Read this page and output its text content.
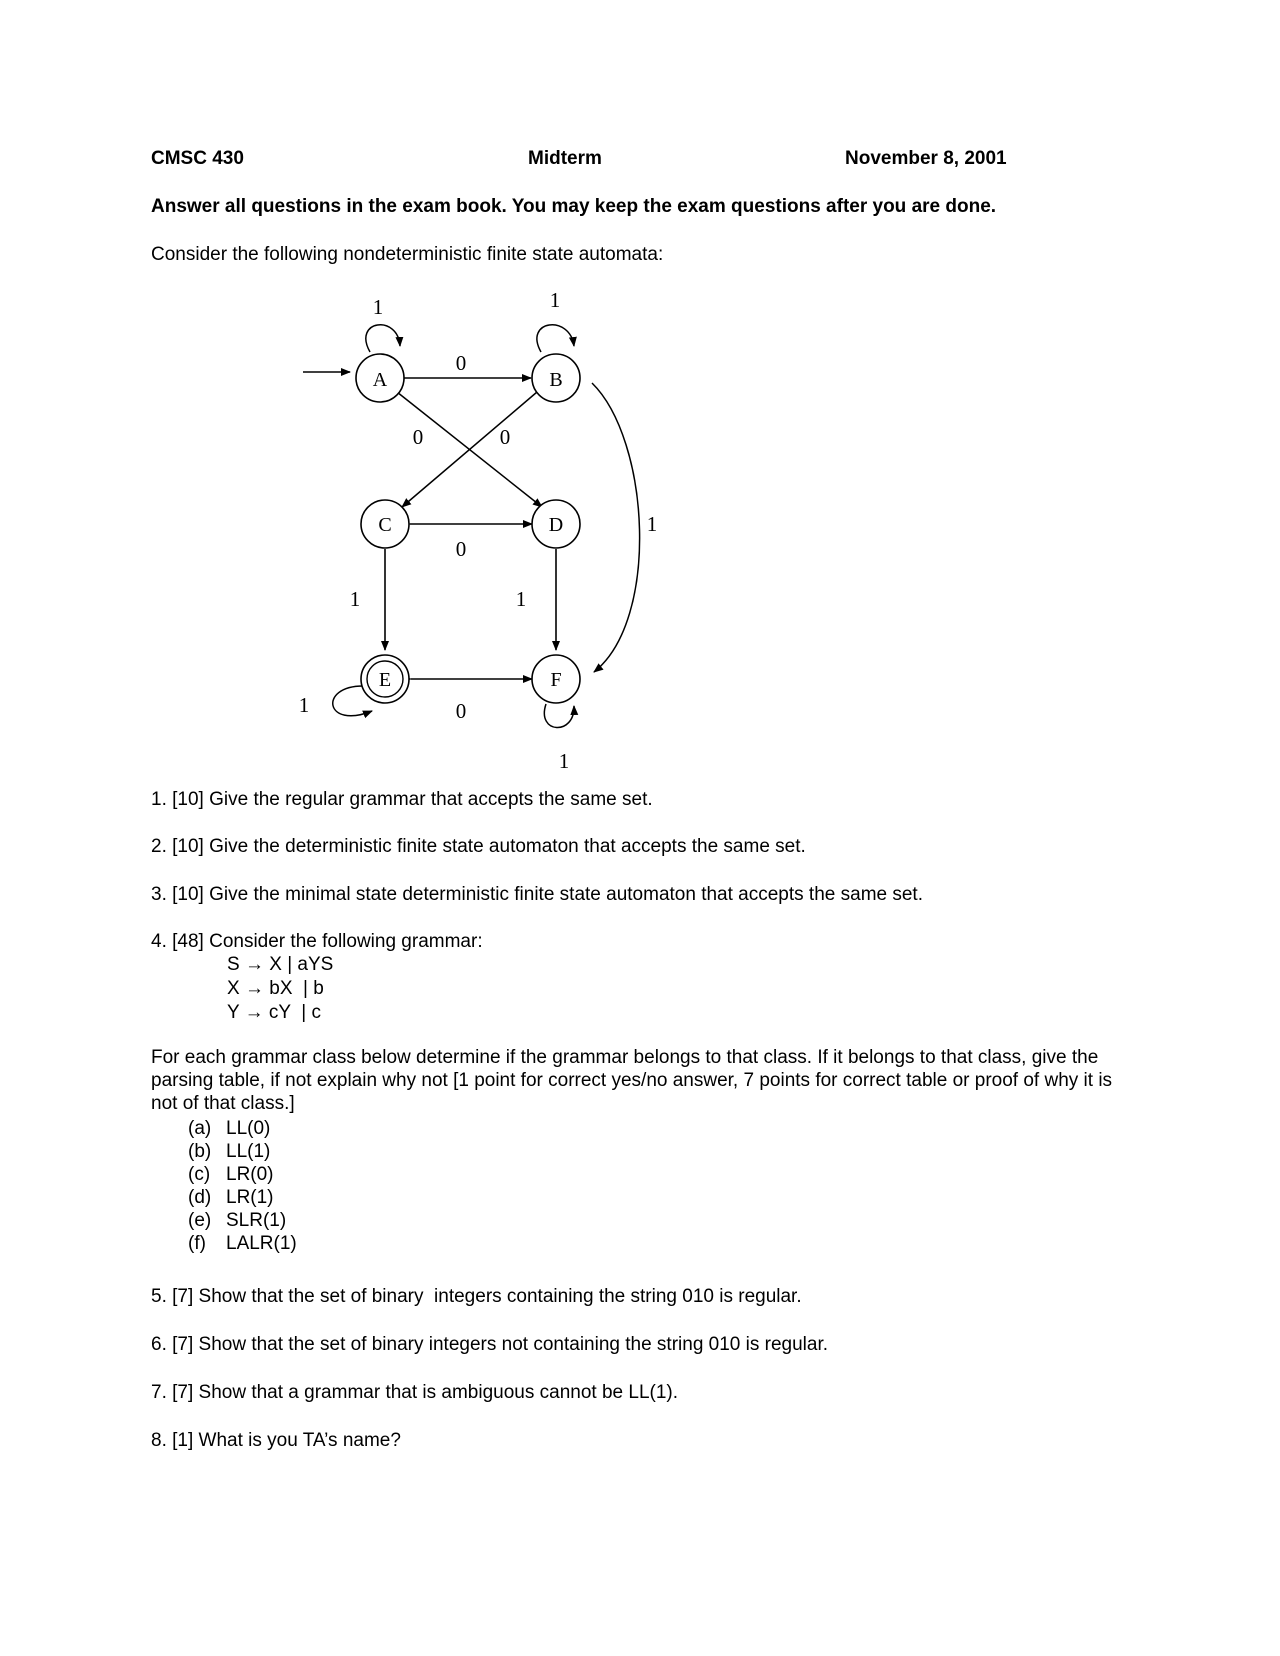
CMSC 430	Midterm	November 8, 2001
Answer all questions in the exam book. You may keep the exam questions after you are done.
Consider the following nondeterministic finite state automata:
A	B
C	D
E	F
1	1
0
0	0
1
0
1	1
0
1
1
1. [10] Give the regular grammar that accepts the same set.
2. [10] Give the deterministic finite state automaton that accepts the same set.
3. [10] Give the minimal state deterministic finite state automaton that accepts the same set.
4. [48] Consider the following grammar:
S → X | aYS
X → bX  | b
Y → cY  | c
For each grammar class below determine if the grammar belongs to that class. If it belongs to that class, give the parsing table, if not explain why not [1 point for correct yes/no answer, 7 points for correct table or proof of why it is not of that class.]
(a) LL(0)
(b) LL(1)
(c) LR(0)
(d) LR(1)
(e) SLR(1)
(f) LALR(1)
5. [7] Show that the set of binary  integers containing the string 010 is regular.
6. [7] Show that the set of binary integers not containing the string 010 is regular.
7. [7] Show that a grammar that is ambiguous cannot be LL(1).
8. [1] What is you TA’s name?
